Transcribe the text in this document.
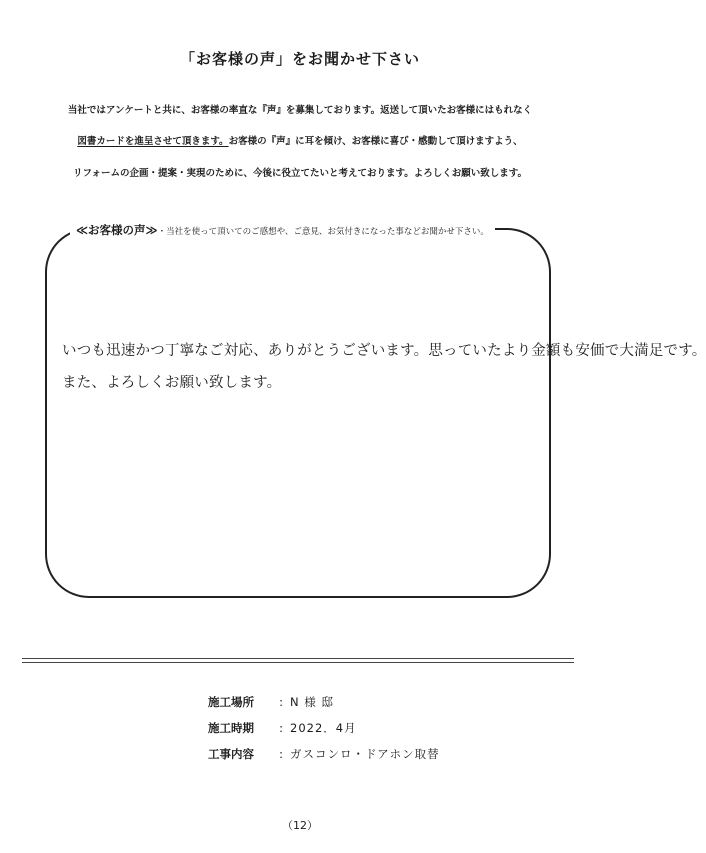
「お客様の声」をお聞かせ下さい
当社ではアンケートと共に、お客様の率直な『声』を募集しております。返送して頂いたお客様にはもれなく
図書カードを進呈させて頂きます。お客様の『声』に耳を傾け、お客様に喜び・感動して頂けますよう、
リフォームの企画・提案・実現のために、今後に役立てたいと考えております。よろしくお願い致します。
≪お客様の声≫・当社を使って頂いてのご感想や、ご意見、お気付きになった事などお聞かせ下さい。
いつも迅速かつ丁寧なご対応、ありがとうございます。思っていたより金額も安価で大満足です。
また、よろしくお願い致します。
施工場所 : N 様 邸
施工時期 : 2022．4月
工事内容 : ガスコンロ・ドアホン取替
（12）
